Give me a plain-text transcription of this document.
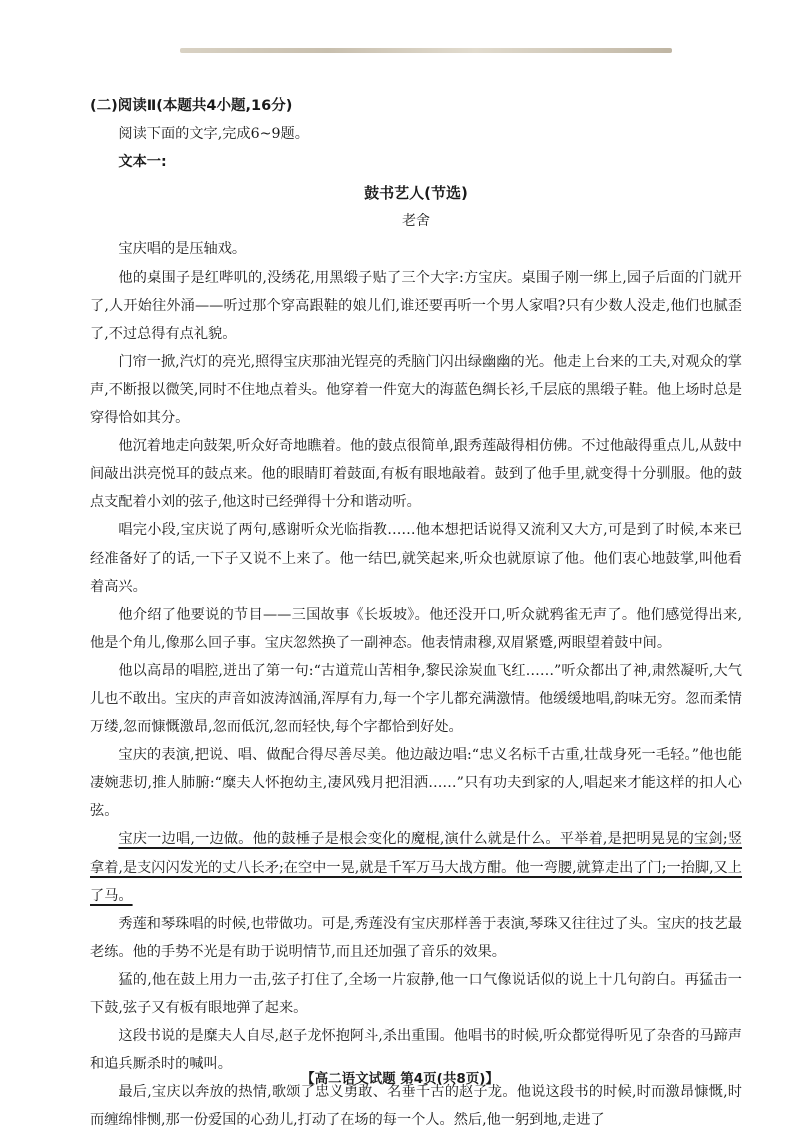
(二)阅读Ⅱ(本题共4小题,16分)

阅读下面的文字,完成6~9题。

文本一:

鼓书艺人(节选)

老舍

宝庆唱的是压轴戏。

他的桌围子是红哔叽的,没绣花,用黑缎子贴了三个大字:方宝庆。桌围子刚一绑上,园子后面的门就开了,人开始往外涌——听过那个穿高跟鞋的娘儿们,谁还要再听一个男人家唱?只有少数人没走,他们也腻歪了,不过总得有点礼貌。

门帘一掀,汽灯的亮光,照得宝庆那油光锃亮的秃脑门闪出绿幽幽的光。他走上台来的工夫,对观众的掌声,不断报以微笑,同时不住地点着头。他穿着一件宽大的海蓝色绸长衫,千层底的黑缎子鞋。他上场时总是穿得恰如其分。

他沉着地走向鼓架,听众好奇地瞧着。他的鼓点很简单,跟秀莲敲得相仿佛。不过他敲得重点儿,从鼓中间敲出洪亮悦耳的鼓点来。他的眼睛盯着鼓面,有板有眼地敲着。鼓到了他手里,就变得十分驯服。他的鼓点支配着小刘的弦子,他这时已经弹得十分和谐动听。

唱完小段,宝庆说了两句,感谢听众光临指教……他本想把话说得又流利又大方,可是到了时候,本来已经准备好了的话,一下子又说不上来了。他一结巴,就笑起来,听众也就原谅了他。他们衷心地鼓掌,叫他看着高兴。

他介绍了他要说的节目——三国故事《长坂坡》。他还没开口,听众就鸦雀无声了。他们感觉得出来,他是个角儿,像那么回子事。宝庆忽然换了一副神态。他表情肃穆,双眉紧蹙,两眼望着鼓中间。

他以高昂的唱腔,迸出了第一句:“古道荒山苦相争,黎民涂炭血飞红……”听众都出了神,肃然凝听,大气儿也不敢出。宝庆的声音如波涛汹涌,浑厚有力,每一个字儿都充满激情。他缓缓地唱,韵味无穷。忽而柔情万缕,忽而慷慨激昂,忽而低沉,忽而轻快,每个字都恰到好处。

宝庆的表演,把说、唱、做配合得尽善尽美。他边敲边唱:“忠义名标千古重,壮哉身死一毛轻。”他也能凄婉悲切,推人肺腑:“糜夫人怀抱幼主,凄风残月把泪洒……”只有功夫到家的人,唱起来才能这样的扣人心弦。

宝庆一边唱,一边做。他的鼓棰子是根会变化的魔棍,演什么就是什么。平举着,是把明晃晃的宝剑;竖拿着,是支闪闪发光的丈八长矛;在空中一晃,就是千军万马大战方酣。他一弯腰,就算走出了门;一抬脚,又上了马。

秀莲和琴珠唱的时候,也带做功。可是,秀莲没有宝庆那样善于表演,琴珠又往往过了头。宝庆的技艺最老练。他的手势不光是有助于说明情节,而且还加强了音乐的效果。

猛的,他在鼓上用力一击,弦子打住了,全场一片寂静,他一口气像说话似的说上十几句韵白。再猛击一下鼓,弦子又有板有眼地弹了起来。

这段书说的是糜夫人自尽,赵子龙怀抱阿斗,杀出重围。他唱书的时候,听众都觉得听见了杂沓的马蹄声和追兵厮杀时的喊叫。

最后,宝庆以奔放的热情,歌颂了忠义勇敢、名垂千古的赵子龙。他说这段书的时候,时而激昂慷慨,时而缠绵悱恻,那一份爱国的心劲儿,打动了在场的每一个人。然后,他一躬到地,走进了

【高二语文试题 第4页(共8页)】
